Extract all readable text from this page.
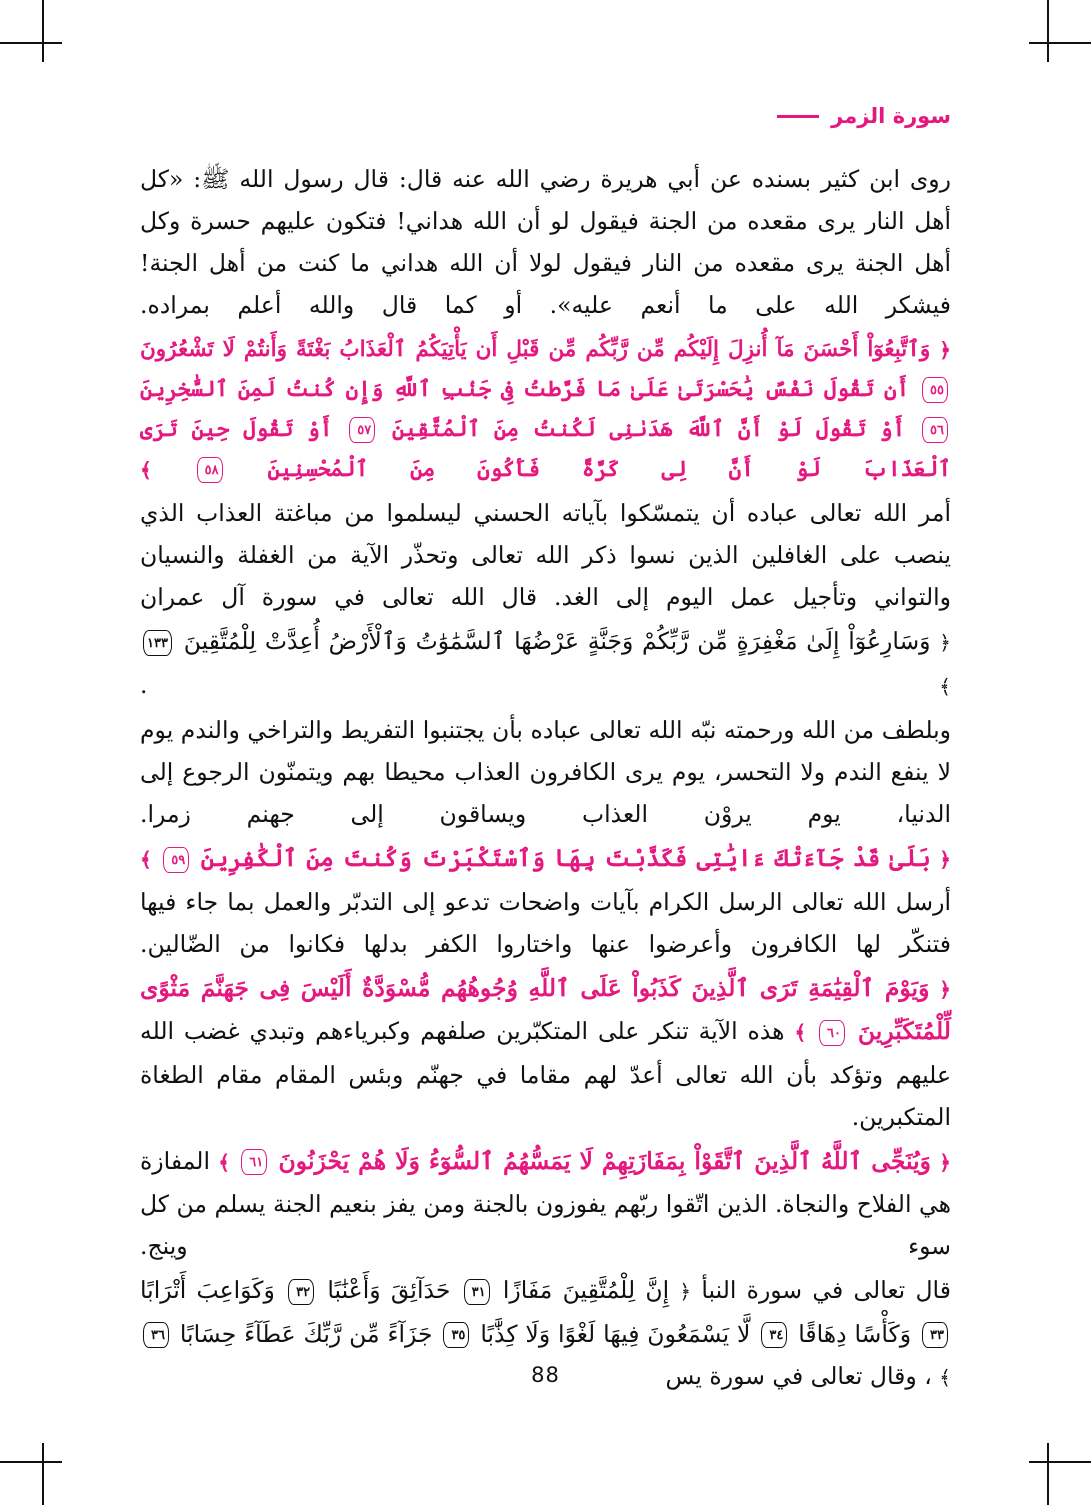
سورة الزمر

روى ابن كثير بسنده عن أبي هريرة رضي الله عنه قال: قال رسول الله ﷺ: «كل أهل النار يرى مقعده من الجنة فيقول لو أن الله هداني! فتكون عليهم حسرة وكل أهل الجنة يرى مقعده من النار فيقول لولا أن الله هداني ما كنت من أهل الجنة! فيشكر الله على ما أنعم عليه». أو كما قال والله أعلم بمراده.

﴿ وَٱتَّبِعُوٓاْ أَحْسَنَ مَآ أُنزِلَ إِلَيْكُم مِّن رَّبِّكُم مِّن قَبْلِ أَن يَأْتِيَكُمُ ٱلْعَذَابُ بَغْتَةً وَأَنتُمْ لَا تَشْعُرُونَ ٥٥ أَن تَقُولَ نَفْسٌ يَٰحَسْرَتَىٰ عَلَىٰ مَا فَرَّطتُ فِى جَنۢبِ ٱللَّهِ وَإِن كُنتُ لَمِنَ ٱلسَّٰخِرِينَ ٥٦ أَوْ تَقُولَ لَوْ أَنَّ ٱللَّهَ هَدَىٰنِى لَكُنتُ مِنَ ٱلْمُتَّقِينَ ٥٧ أَوْ تَقُولَ حِينَ تَرَى ٱلْعَذَابَ لَوْ أَنَّ لِى كَرَّةً فَأَكُونَ مِنَ ٱلْمُحْسِنِينَ ٥٨ ﴾

أمر الله تعالى عباده أن يتمسّكوا بآياته الحسني ليسلموا من مباغتة العذاب الذي ينصب على الغافلين الذين نسوا ذكر الله تعالى وتحذّر الآية من الغفلة والنسيان والتواني وتأجيل عمل اليوم إلى الغد. قال الله تعالى في سورة آل عمران

﴿ وَسَارِعُوٓاْ إِلَىٰ مَغْفِرَةٍ مِّن رَّبِّكُمْ وَجَنَّةٍ عَرْضُهَا ٱلسَّمَٰوَٰتُ وَٱلْأَرْضُ أُعِدَّتْ لِلْمُتَّقِينَ ١٣٣ ﴾ .

وبلطف من الله ورحمته نبّه الله تعالى عباده بأن يجتنبوا التفريط والتراخي والندم يوم لا ينفع الندم ولا التحسر، يوم يرى الكافرون العذاب محيطا بهم ويتمنّون الرجوع إلى الدنيا، يوم يروْن العذاب ويساقون إلى جهنم زمرا.

﴿ بَلَىٰ قَدْ جَآءَتْكَ ءَايَٰتِى فَكَذَّبْتَ بِهَا وَٱسْتَكْبَرْتَ وَكُنتَ مِنَ ٱلْكَٰفِرِينَ ٥٩ ﴾ أرسل الله تعالى الرسل الكرام بآيات واضحات تدعو إلى التدبّر والعمل بما جاء فيها فتنكّر لها الكافرون وأعرضوا عنها واختاروا الكفر بدلها فكانوا من الضّالين.

﴿ وَيَوْمَ ٱلْقِيَٰمَةِ تَرَى ٱلَّذِينَ كَذَبُواْ عَلَى ٱللَّهِ وُجُوهُهُم مُّسْوَدَّةٌ أَلَيْسَ فِى جَهَنَّمَ مَثْوًى لِّلْمُتَكَبِّرِينَ ٦٠ ﴾ هذه الآية تنكر على المتكبّرين صلفهم وكبرياءهم وتبدي غضب الله عليهم وتؤكد بأن الله تعالى أعدّ لهم مقاما في جهنّم وبئس المقام مقام الطغاة المتكبرين.

﴿ وَيُنَجِّى ٱللَّهُ ٱلَّذِينَ ٱتَّقَوْاْ بِمَفَازَتِهِمْ لَا يَمَسُّهُمُ ٱلسُّوٓءُ وَلَا هُمْ يَحْزَنُونَ ٦١ ﴾ المفازة هي الفلاح والنجاة. الذين اتّقوا ربّهم يفوزون بالجنة ومن يفز بنعيم الجنة يسلم من كل سوء وينج.

قال تعالى في سورة النبأ ﴿ إِنَّ لِلْمُتَّقِينَ مَفَازًا ٣١ حَدَآئِقَ وَأَعْنَٰبًا ٣٢ وَكَوَاعِبَ أَتْرَابًا ٣٣ وَكَأْسًا دِهَاقًا ٣٤ لَّا يَسْمَعُونَ فِيهَا لَغْوًا وَلَا كِذَّٰبًا ٣٥ جَزَآءً مِّن رَّبِّكَ عَطَآءً حِسَابًا ٣٦ ﴾ ، وقال تعالى في سورة يس

88
